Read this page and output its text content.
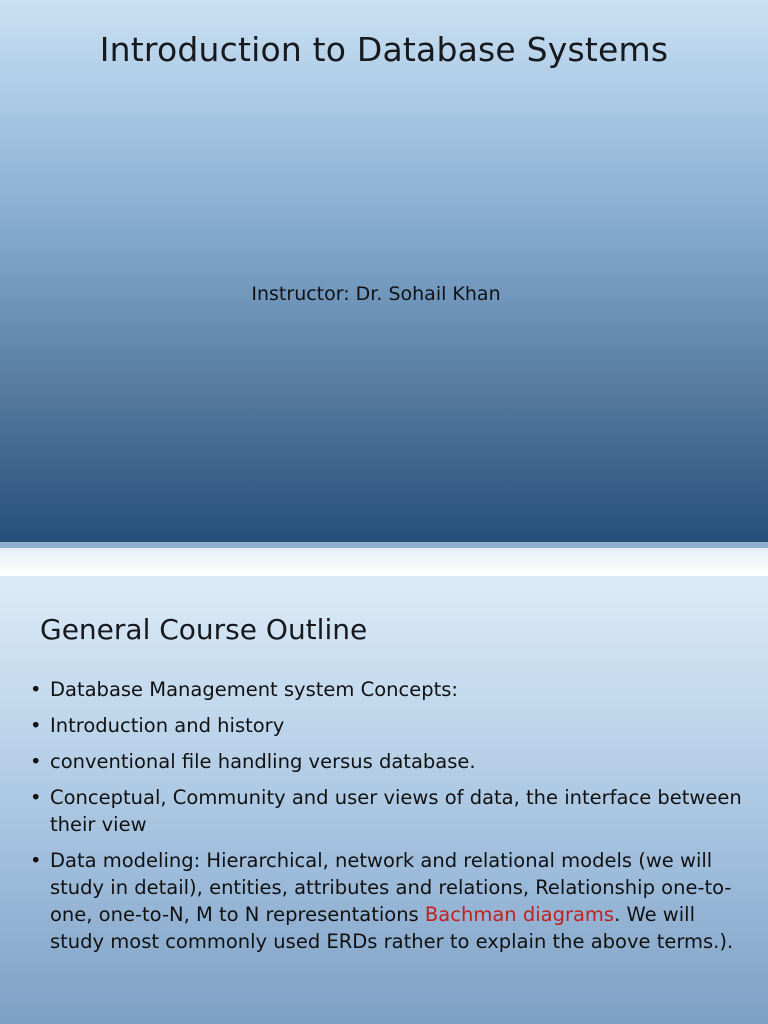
Introduction to Database Systems
Instructor: Dr. Sohail Khan
General Course Outline
• Database Management system Concepts:
• Introduction and history
• conventional file handling versus database.
• Conceptual, Community and user views of data, the interface between their view
• Data modeling: Hierarchical, network and relational models (we will study in detail), entities, attributes and relations, Relationship one-to-one, one-to-N, M to N representations Bachman diagrams. We will study most commonly used ERDs rather to explain the above terms.).
